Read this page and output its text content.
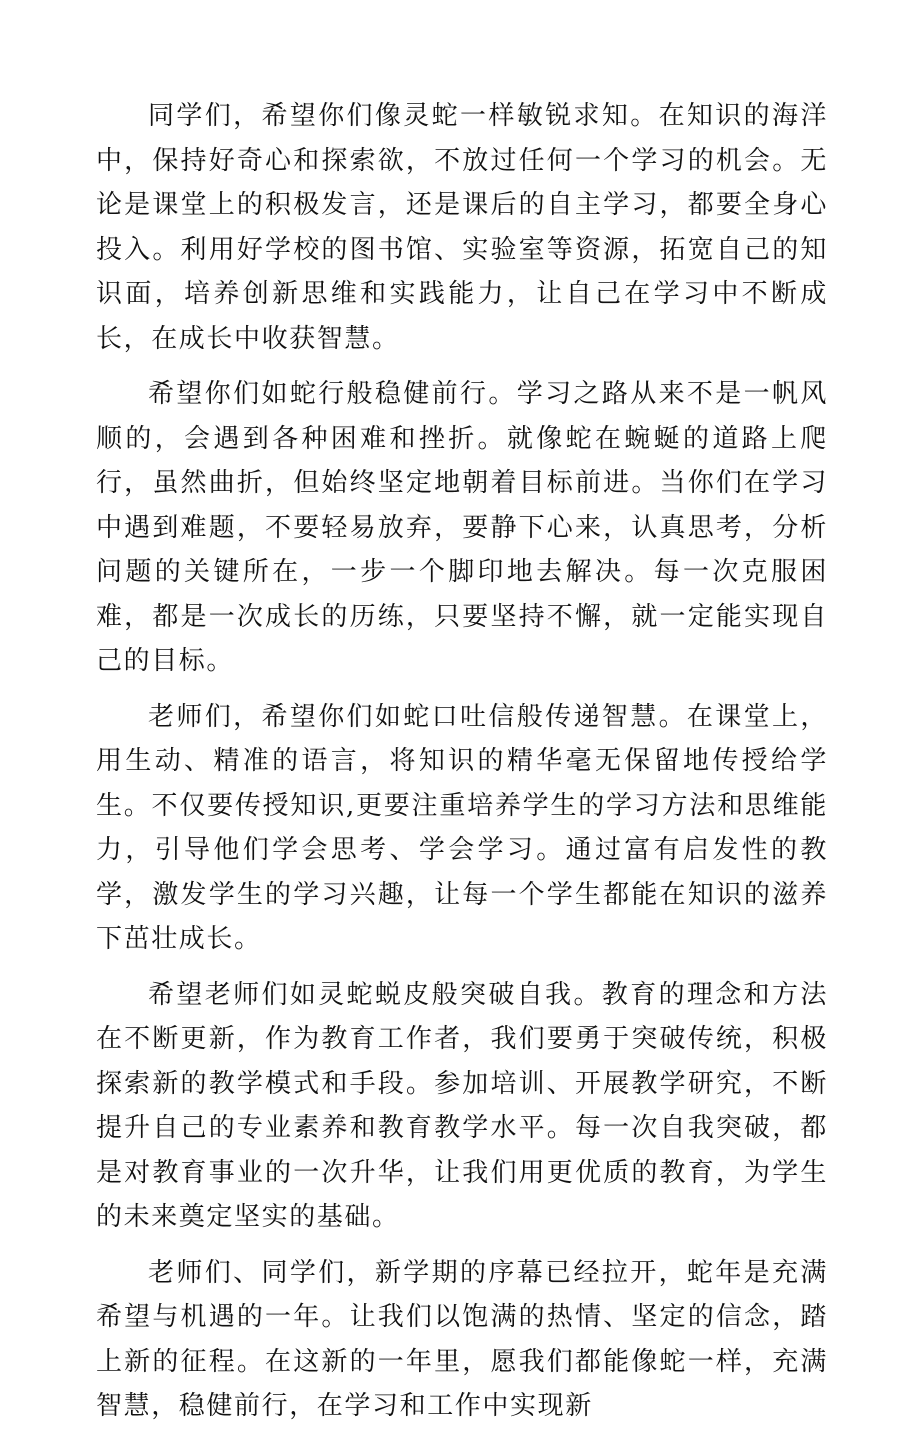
同学们，希望你们像灵蛇一样敏锐求知。在知识的海洋中，保持好奇心和探索欲，不放过任何一个学习的机会。无论是课堂上的积极发言，还是课后的自主学习，都要全身心投入。利用好学校的图书馆、实验室等资源，拓宽自己的知识面，培养创新思维和实践能力，让自己在学习中不断成长，在成长中收获智慧。

希望你们如蛇行般稳健前行。学习之路从来不是一帆风顺的，会遇到各种困难和挫折。就像蛇在蜿蜒的道路上爬行，虽然曲折，但始终坚定地朝着目标前进。当你们在学习中遇到难题，不要轻易放弃，要静下心来，认真思考，分析问题的关键所在，一步一个脚印地去解决。每一次克服困难，都是一次成长的历练，只要坚持不懈，就一定能实现自己的目标。

老师们，希望你们如蛇口吐信般传递智慧。在课堂上，用生动、精准的语言，将知识的精华毫无保留地传授给学生。不仅要传授知识,更要注重培养学生的学习方法和思维能力，引导他们学会思考、学会学习。通过富有启发性的教学，激发学生的学习兴趣，让每一个学生都能在知识的滋养下茁壮成长。

希望老师们如灵蛇蜕皮般突破自我。教育的理念和方法在不断更新，作为教育工作者，我们要勇于突破传统，积极探索新的教学模式和手段。参加培训、开展教学研究，不断提升自己的专业素养和教育教学水平。每一次自我突破，都是对教育事业的一次升华，让我们用更优质的教育，为学生的未来奠定坚实的基础。

老师们、同学们，新学期的序幕已经拉开，蛇年是充满希望与机遇的一年。让我们以饱满的热情、坚定的信念，踏上新的征程。在这新的一年里，愿我们都能像蛇一样，充满智慧，稳健前行，在学习和工作中实现新
